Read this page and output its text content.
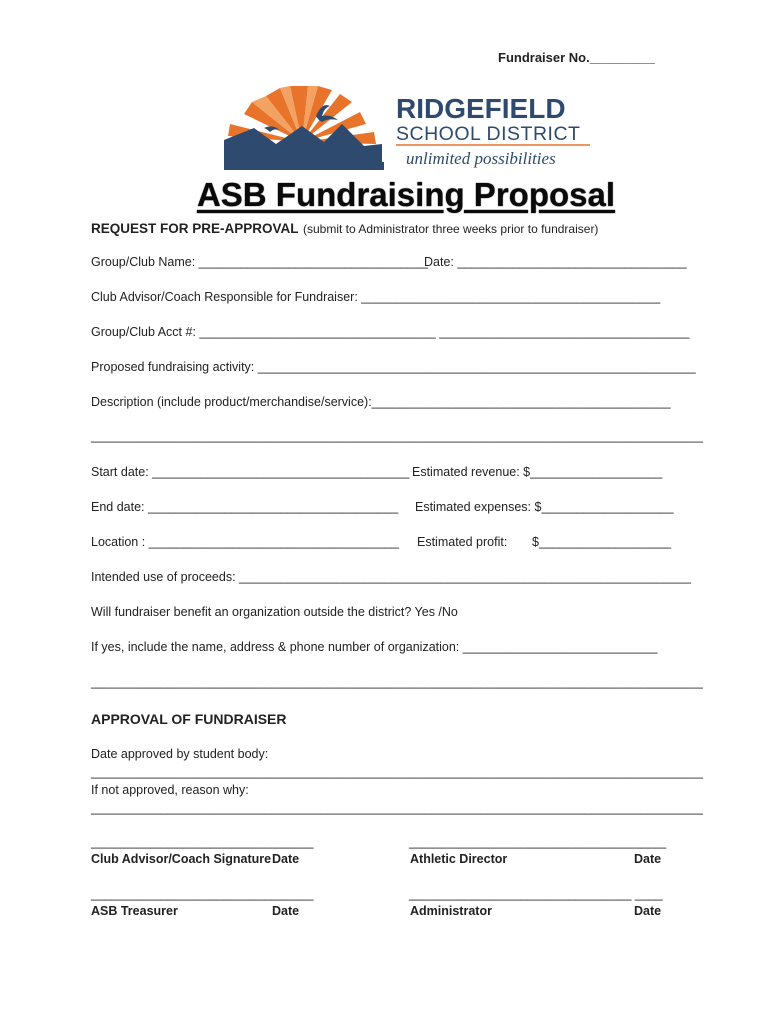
Fundraiser No._________
RIDGEFIELD
SCHOOL DISTRICT
unlimited possibilities
ASB Fundraising Proposal
REQUEST FOR PRE-APPROVAL (submit to Administrator three weeks prior to fundraiser)
Group/Club Name: _________________________________
Date: _________________________________
Club Advisor/Coach Responsible for Fundraiser: ___________________________________________
Group/Club Acct #: __________________________________ ____________________________________
Proposed fundraising activity: _______________________________________________________________
Description (include product/merchandise/service):___________________________________________
________________________________________________________________________________________
Start date: _____________________________________ Estimated revenue: $___________________
End date: ____________________________________ Estimated expenses: $___________________
Location : ____________________________________ Estimated profit: $___________________
Intended use of proceeds: _________________________________________________________________
Will fundraiser benefit an organization outside the district? Yes /No
If yes, include the name, address & phone number of organization: ____________________________
________________________________________________________________________________________
APPROVAL OF FUNDRAISER
Date approved by student body:
________________________________________________________________________________________
If not approved, reason why:
________________________________________________________________________________________
________________________________	_____________________________________
Club Advisor/Coach Signature Date	Athletic Director	Date
________________________________	________________________________ ____
ASB Treasurer	Date	Administrator	Date
